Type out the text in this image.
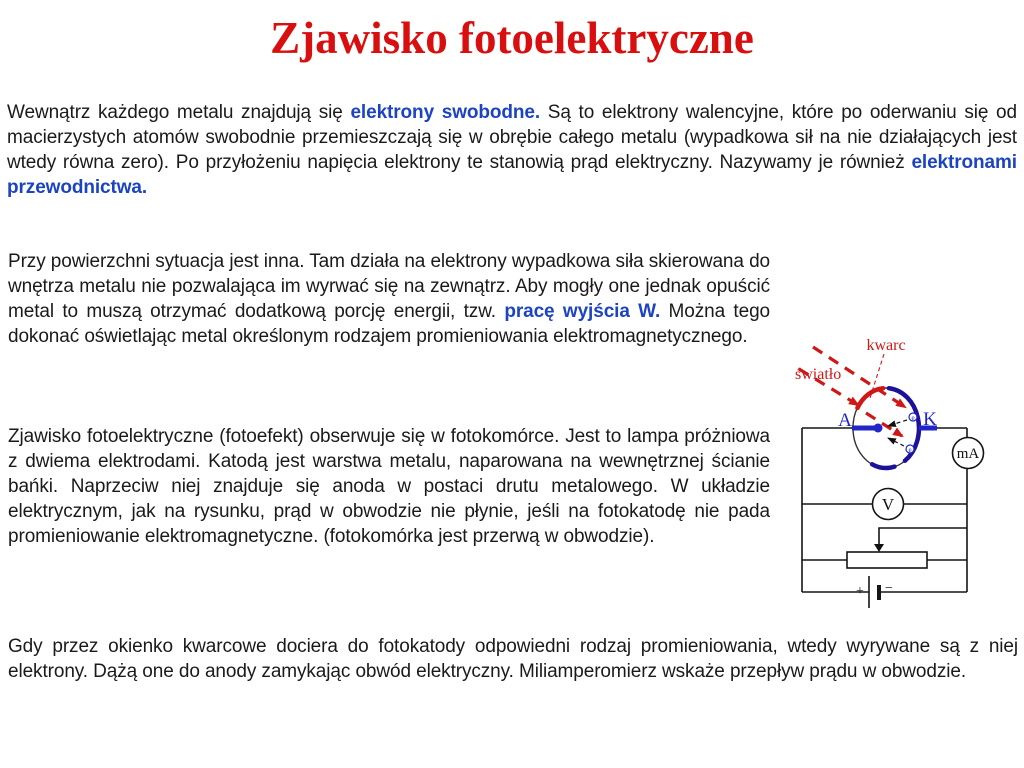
Zjawisko fotoelektryczne
Wewnątrz każdego metalu znajdują się elektrony swobodne. Są to elektrony walencyjne, które po oderwaniu się od macierzystych atomów swobodnie przemieszczają się w obrębie całego metalu (wypadkowa sił na nie działających jest wtedy równa zero). Po przyłożeniu napięcia elektrony te stanowią prąd elektryczny. Nazywamy je również elektronami przewodnictwa.
Przy powierzchni sytuacja jest inna. Tam działa na elektrony wypadkowa siła skierowana do wnętrza metalu nie pozwalająca im wyrwać się na zewnątrz. Aby mogły one jednak opuścić metal to muszą otrzymać dodatkową porcję energii, tzw. pracę wyjścia W. Można tego dokonać oświetlając metal określonym rodzajem promieniowania elektromagnetycznego.
Zjawisko fotoelektryczne (fotoefekt) obserwuje się w fotokomórce. Jest to lampa próżniowa z dwiema elektrodami. Katodą jest warstwa metalu, naparowana na wewnętrznej ścianie bańki. Naprzeciw niej znajduje się anoda w postaci drutu metalowego. W układzie elektrycznym, jak na rysunku, prąd w obwodzie nie płynie, jeśli na fotokatodę nie pada promieniowanie elektromagnetyczne. (fotokomórka jest przerwą w obwodzie).
Gdy przez okienko kwarcowe dociera do fotokatody odpowiedni rodzaj promieniowania, wtedy wyrywane są z niej elektrony. Dążą one do anody zamykając obwód elektryczny. Miliamperomierz wskaże przepływ prądu w obwodzie.
+ −
mA
V
e
e
A	K
kwarc
światło
